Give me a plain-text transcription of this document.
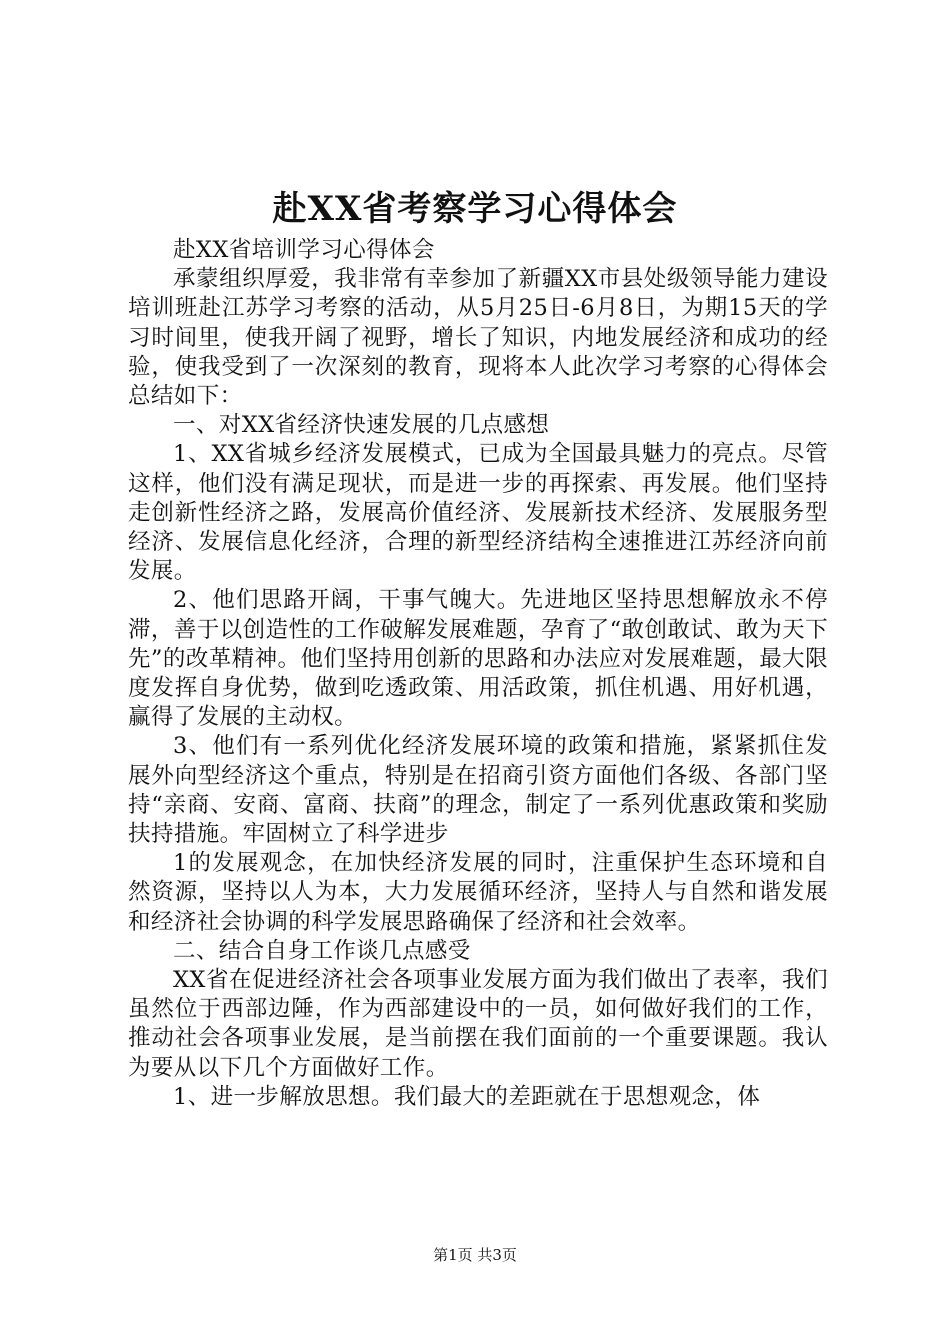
赴XX省考察学习心得体会

赴XX省培训学习心得体会

承蒙组织厚爱，我非常有幸参加了新疆XX市县处级领导能力建设培训班赴江苏学习考察的活动，从5月25日-6月8日，为期15天的学习时间里，使我开阔了视野，增长了知识，内地发展经济和成功的经验，使我受到了一次深刻的教育，现将本人此次学习考察的心得体会总结如下：

一、对XX省经济快速发展的几点感想

1、XX省城乡经济发展模式，已成为全国最具魅力的亮点。尽管这样，他们没有满足现状，而是进一步的再探索、再发展。他们坚持走创新性经济之路，发展高价值经济、发展新技术经济、发展服务型经济、发展信息化经济，合理的新型经济结构全速推进江苏经济向前发展。

2、他们思路开阔，干事气魄大。先进地区坚持思想解放永不停滞，善于以创造性的工作破解发展难题，孕育了“敢创敢试、敢为天下先”的改革精神。他们坚持用创新的思路和办法应对发展难题，最大限度发挥自身优势，做到吃透政策、用活政策，抓住机遇、用好机遇，赢得了发展的主动权。

3、他们有一系列优化经济发展环境的政策和措施，紧紧抓住发展外向型经济这个重点，特别是在招商引资方面他们各级、各部门坚持“亲商、安商、富商、扶商”的理念，制定了一系列优惠政策和奖励扶持措施。牢固树立了科学进步

1的发展观念，在加快经济发展的同时，注重保护生态环境和自然资源，坚持以人为本，大力发展循环经济，坚持人与自然和谐发展和经济社会协调的科学发展思路确保了经济和社会效率。

二、结合自身工作谈几点感受

XX省在促进经济社会各项事业发展方面为我们做出了表率，我们虽然位于西部边陲，作为西部建设中的一员，如何做好我们的工作，推动社会各项事业发展，是当前摆在我们面前的一个重要课题。我认为要从以下几个方面做好工作。

1、进一步解放思想。我们最大的差距就在于思想观念，体

第1页 共3页
